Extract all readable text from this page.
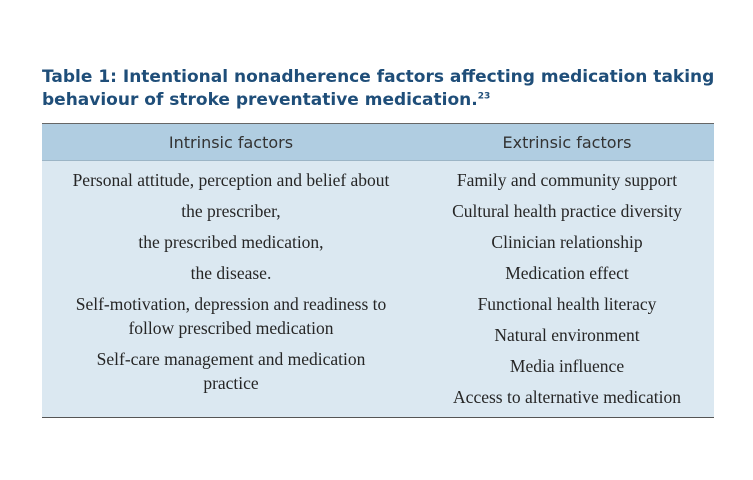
Table 1: Intentional nonadherence factors affecting medication taking behaviour of stroke preventative medication.$^{23}$
Intrinsic factors	Extrinsic factors
Personal attitude, perception and belief about
the prescriber,
the prescribed medication,
the disease.
Self-motivation, depression and readiness to follow prescribed medication
Self-care management and medication practice
Family and community support
Cultural health practice diversity
Clinician relationship
Medication effect
Functional health literacy
Natural environment
Media influence
Access to alternative medication
